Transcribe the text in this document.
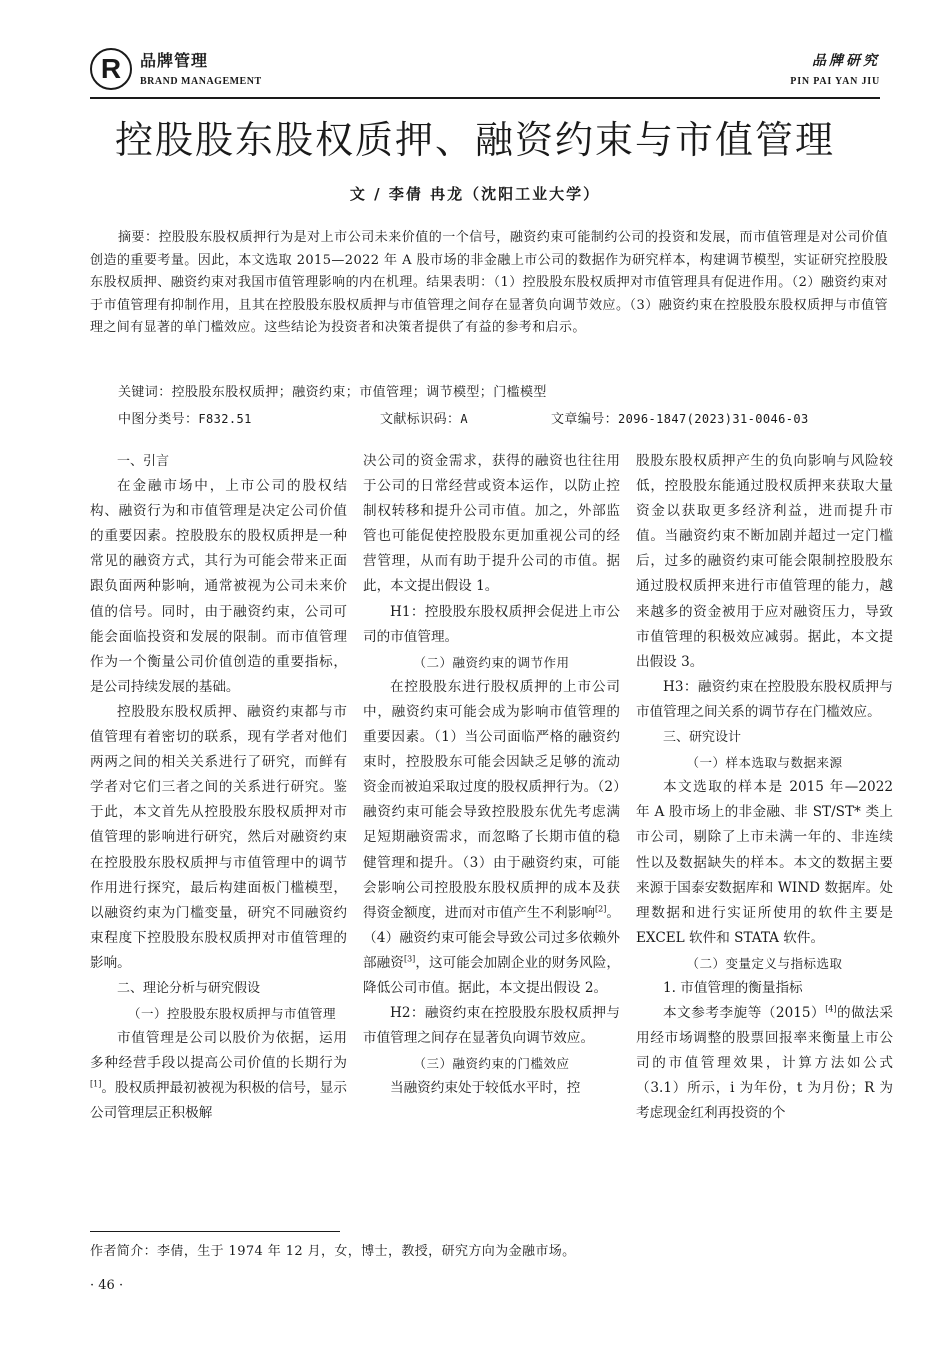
R	品牌管理
BRAND MANAGEMENT
品牌研究
PIN PAI YAN JIU
控股股东股权质押、融资约束与市值管理
文 / 李倩 冉龙（沈阳工业大学）
摘要：控股股东股权质押行为是对上市公司未来价值的一个信号，融资约束可能制约公司的投资和发展，而市值管理是对公司价值创造的重要考量。因此，本文选取 2015—2022 年 A 股市场的非金融上市公司的数据作为研究样本，构建调节模型，实证研究控股股东股权质押、融资约束对我国市值管理影响的内在机理。结果表明：（1）控股股东股权质押对市值管理具有促进作用。（2）融资约束对于市值管理有抑制作用，且其在控股股东股权质押与市值管理之间存在显著负向调节效应。（3）融资约束在控股股东股权质押与市值管理之间有显著的单门槛效应。这些结论为投资者和决策者提供了有益的参考和启示。
关键词：控股股东股权质押；融资约束；市值管理；调节模型；门槛模型
中图分类号：F832.51	文献标识码：A	文章编号：2096-1847(2023)31-0046-03

一、引言

在金融市场中，上市公司的股权结构、融资行为和市值管理是决定公司价值的重要因素。控股股东的股权质押是一种常见的融资方式，其行为可能会带来正面跟负面两种影响，通常被视为公司未来价值的信号。同时，由于融资约束，公司可能会面临投资和发展的限制。而市值管理作为一个衡量公司价值创造的重要指标，是公司持续发展的基础。

控股股东股权质押、融资约束都与市值管理有着密切的联系，现有学者对他们两两之间的相关关系进行了研究，而鲜有学者对它们三者之间的关系进行研究。鉴于此，本文首先从控股股东股权质押对市值管理的影响进行研究，然后对融资约束在控股股东股权质押与市值管理中的调节作用进行探究，最后构建面板门槛模型，以融资约束为门槛变量，研究不同融资约束程度下控股股东股权质押对市值管理的影响。

二、理论分析与研究假设

（一）控股股东股权质押与市值管理

市值管理是公司以股价为依据，运用多种经营手段以提高公司价值的长期行为[1]。股权质押最初被视为积极的信号，显示公司管理层正积极解

决公司的资金需求，获得的融资也往往用于公司的日常经营或资本运作，以防止控制权转移和提升公司市值。加之，外部监管也可能促使控股股东更加重视公司的经营管理，从而有助于提升公司的市值。据此，本文提出假设 1。

H1：控股股东股权质押会促进上市公司的市值管理。

（二）融资约束的调节作用

在控股股东进行股权质押的上市公司中，融资约束可能会成为影响市值管理的重要因素。（1）当公司面临严格的融资约束时，控股股东可能会因缺乏足够的流动资金而被迫采取过度的股权质押行为。（2）融资约束可能会导致控股股东优先考虑满足短期融资需求，而忽略了长期市值的稳健管理和提升。（3）由于融资约束，可能会影响公司控股股东股权质押的成本及获得资金额度，进而对市值产生不利影响[2]。（4）融资约束可能会导致公司过多依赖外部融资[3]，这可能会加剧企业的财务风险，降低公司市值。据此，本文提出假设 2。

H2：融资约束在控股股东股权质押与市值管理之间存在显著负向调节效应。

（三）融资约束的门槛效应

当融资约束处于较低水平时，控

股股东股权质押产生的负向影响与风险较低，控股股东能通过股权质押来获取大量资金以获取更多经济利益，进而提升市值。当融资约束不断加剧并超过一定门槛后，过多的融资约束可能会限制控股股东通过股权质押来进行市值管理的能力，越来越多的资金被用于应对融资压力，导致市值管理的积极效应减弱。据此，本文提出假设 3。

H3：融资约束在控股股东股权质押与市值管理之间关系的调节存在门槛效应。

三、研究设计

（一）样本选取与数据来源

本文选取的样本是 2015 年—2022 年 A 股市场上的非金融、非 ST/ST* 类上市公司，剔除了上市未满一年的、非连续性以及数据缺失的样本。本文的数据主要来源于国泰安数据库和 WIND 数据库。处理数据和进行实证所使用的软件主要是 EXCEL 软件和 STATA 软件。

（二）变量定义与指标选取

1. 市值管理的衡量指标

本文参考李旎等（2015）[4]的做法采用经市场调整的股票回报率来衡量上市公司的市值管理效果，计算方法如公式（3.1）所示，i 为年份，t 为月份；R 为考虑现金红利再投资的个

作者简介：李倩，生于 1974 年 12 月，女，博士，教授，研究方向为金融市场。
· 46 ·
